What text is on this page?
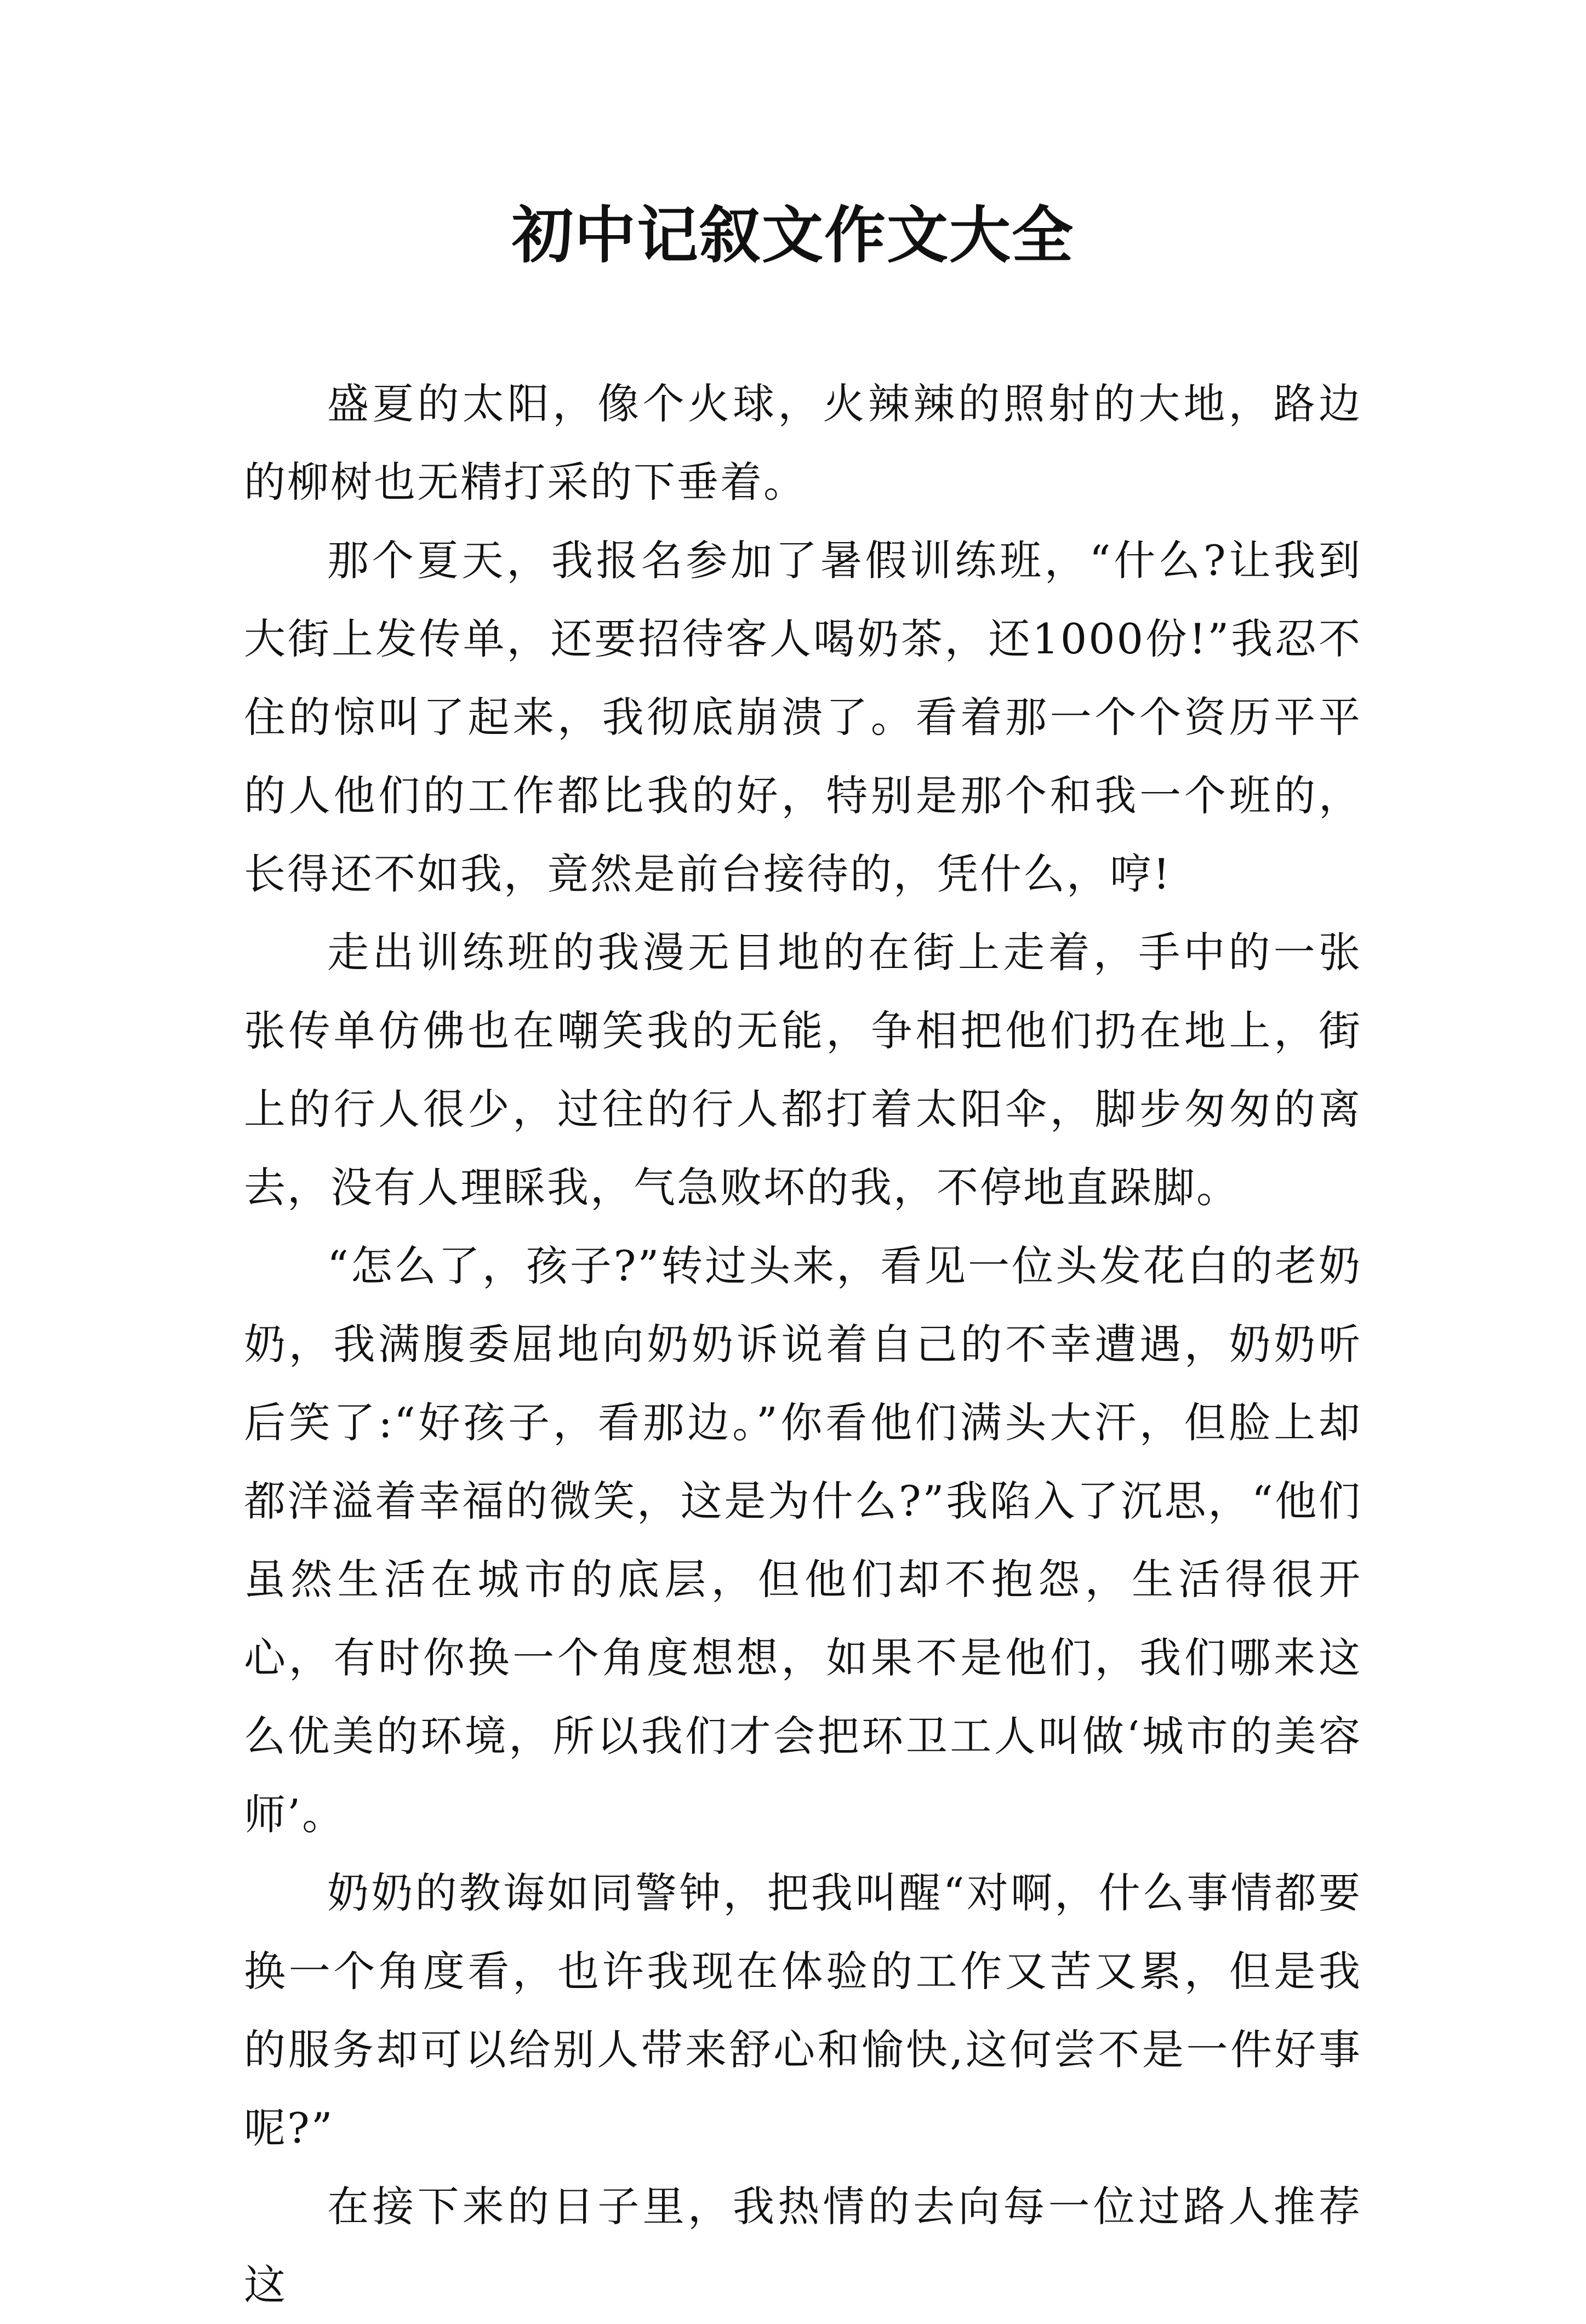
初中记叙文作文大全

盛夏的太阳，像个火球，火辣辣的照射的大地，路边的柳树也无精打采的下垂着。

那个夏天，我报名参加了暑假训练班，“什么?让我到大街上发传单，还要招待客人喝奶茶，还1000份!”我忍不住的惊叫了起来，我彻底崩溃了。看着那一个个资历平平的人他们的工作都比我的好，特别是那个和我一个班的，长得还不如我，竟然是前台接待的，凭什么，哼!

走出训练班的我漫无目地的在街上走着，手中的一张张传单仿佛也在嘲笑我的无能，争相把他们扔在地上，街上的行人很少，过往的行人都打着太阳伞，脚步匆匆的离去，没有人理睬我，气急败坏的我，不停地直跺脚。

“怎么了，孩子?”转过头来，看见一位头发花白的老奶奶，我满腹委屈地向奶奶诉说着自己的不幸遭遇，奶奶听后笑了:“好孩子，看那边。”你看他们满头大汗，但脸上却都洋溢着幸福的微笑，这是为什么?”我陷入了沉思，“他们虽然生活在城市的底层，但他们却不抱怨，生活得很开心，有时你换一个角度想想，如果不是他们，我们哪来这么优美的环境，所以我们才会把环卫工人叫做‘城市的美容师’。

奶奶的教诲如同警钟，把我叫醒“对啊，什么事情都要换一个角度看，也许我现在体验的工作又苦又累，但是我的服务却可以给别人带来舒心和愉快,这何尝不是一件好事呢?”

在接下来的日子里，我热情的去向每一位过路人推荐这
